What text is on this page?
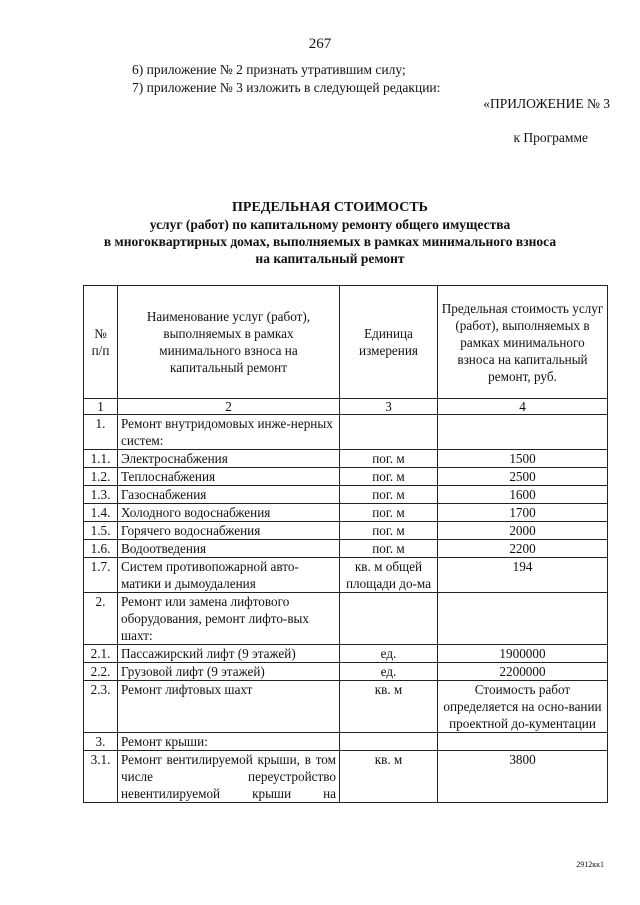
267
6) приложение № 2 признать утратившим силу;
7) приложение № 3 изложить в следующей редакции:
«ПРИЛОЖЕНИЕ № 3
к Программе
ПРЕДЕЛЬНАЯ СТОИМОСТЬ
услуг (работ) по капитальному ремонту общего имущества
в многоквартирных домах, выполняемых в рамках минимального взноса
на капитальный ремонт
№ п/п	Наименование услуг (работ), выполняемых в рамках минимального взноса на капитальный ремонт	Единица измерения	Предельная стоимость услуг (работ), выполняемых в рамках минимального взноса на капитальный ремонт, руб.
1	2	3	4
1.	Ремонт внутридомовых инже-нерных систем:		
1.1.	Электроснабжения	пог. м	1500
1.2.	Теплоснабжения	пог. м	2500
1.3.	Газоснабжения	пог. м	1600
1.4.	Холодного водоснабжения	пог. м	1700
1.5.	Горячего водоснабжения	пог. м	2000
1.6.	Водоотведения	пог. м	2200
1.7.	Систем противопожарной авто-матики и дымоудаления	кв. м общей площади до-ма	194
2.	Ремонт или замена лифтового оборудования, ремонт лифто-вых шахт:		
2.1.	Пассажирский лифт (9 этажей)	ед.	1900000
2.2.	Грузовой лифт (9 этажей)	ед.	2200000
2.3.	Ремонт лифтовых шахт	кв. м	Стоимость работ определяется на осно-вании проектной до-кументации
3.	Ремонт крыши:		
3.1.	Ремонт вентилируемой крыши, в том числе переустройство невентилируемой крыши на	кв. м	3800
2912кк1
